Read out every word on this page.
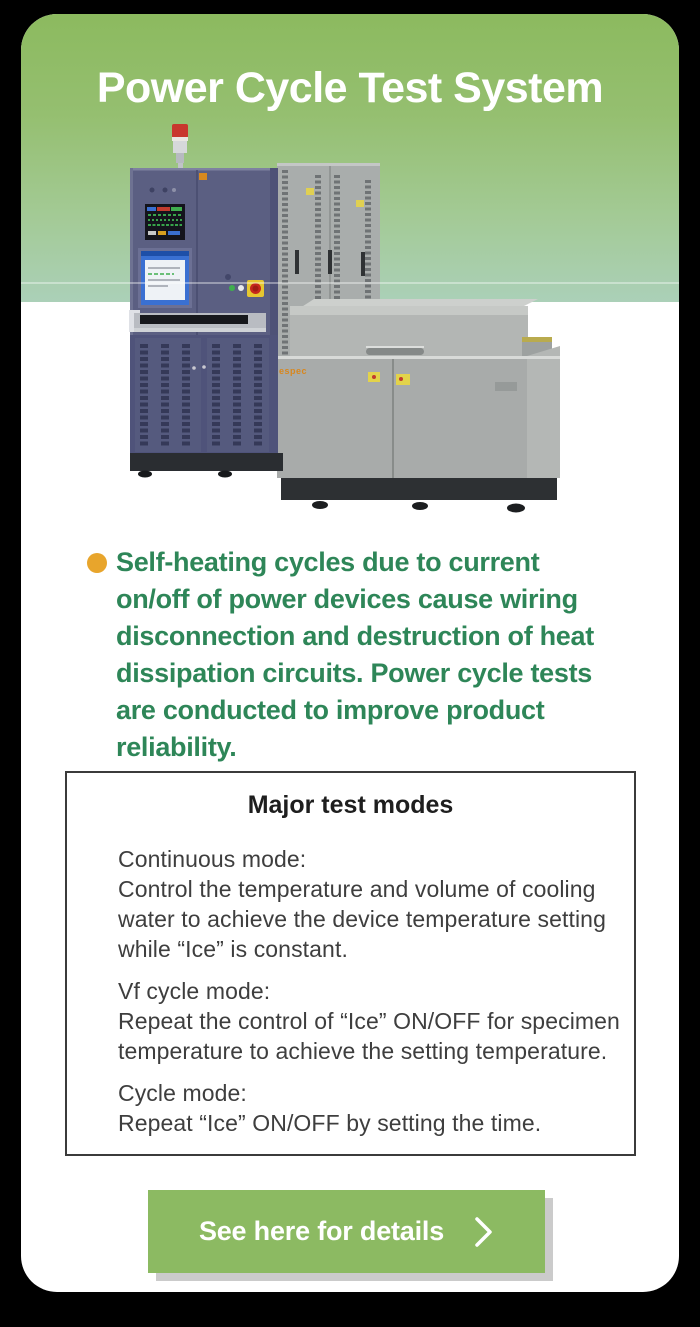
Power Cycle Test System
espec

Self-heating cycles due to current on/off of power devices cause wiring disconnection and destruction of heat dissipation circuits. Power cycle tests are conducted to improve product reliability.

Major test modes
Continuous mode:
Control the temperature and volume of cooling water to achieve the device temperature setting while “Ice” is constant.
Vf cycle mode:
Repeat the control of “Ice” ON/OFF for specimen temperature to achieve the setting temperature.
Cycle mode:
Repeat “Ice” ON/OFF by setting the time.
See here for details
